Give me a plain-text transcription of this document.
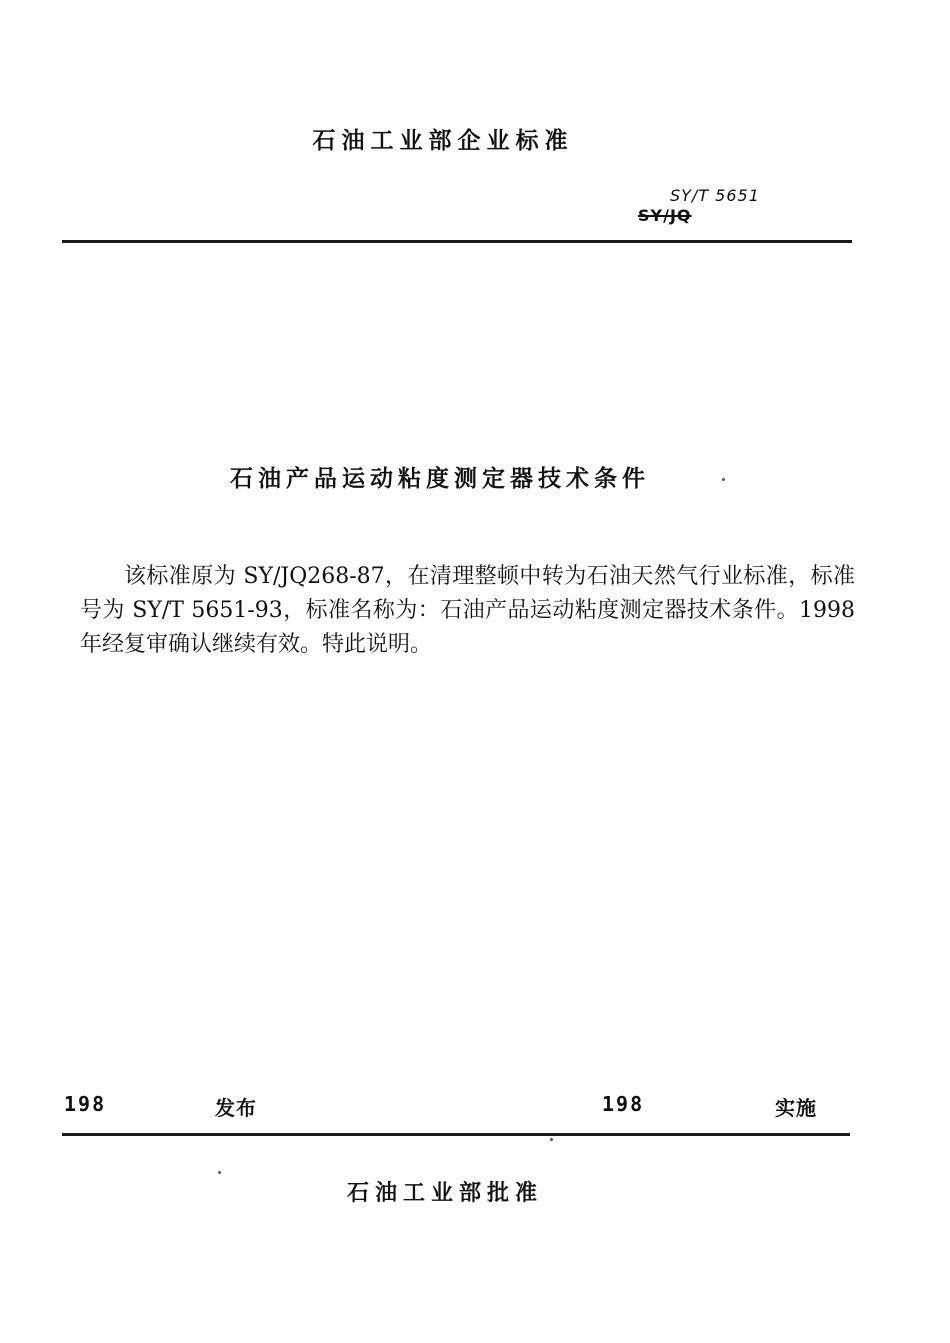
石油工业部企业标准
SY/T 5651
SY/JQ
石油产品运动粘度测定器技术条件

该标准原为 SY/JQ268-87，在清理整顿中转为石油天然气行业标准，标准号为 SY/T 5651-93，标准名称为：石油产品运动粘度测定器技术条件。1998 年经复审确认继续有效。特此说明。

198	发布	198	实施
石油工业部批准
